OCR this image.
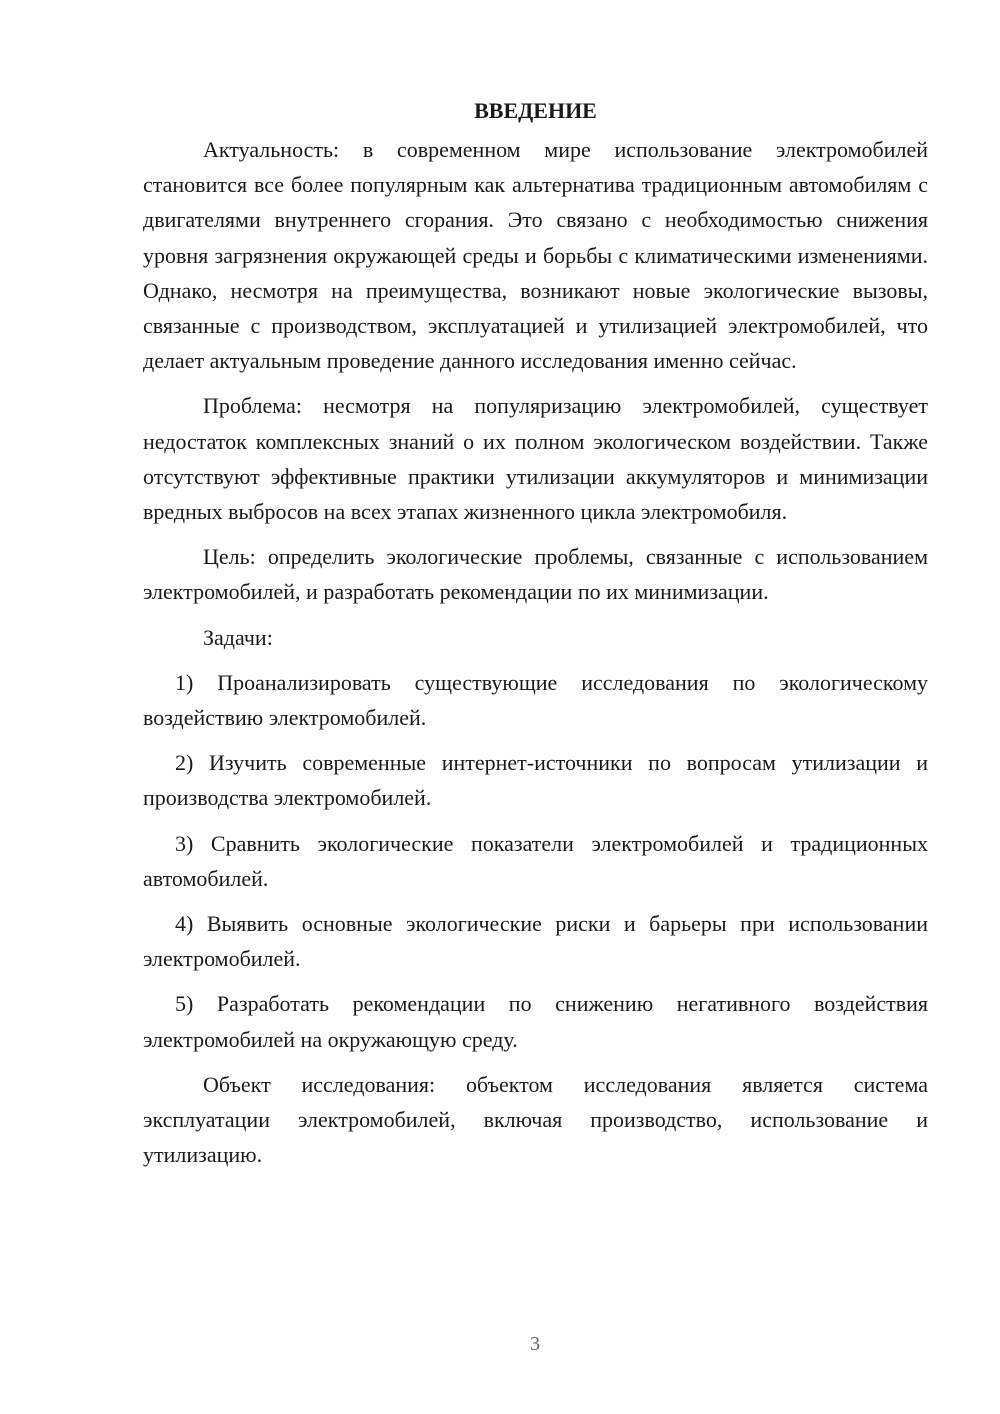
ВВЕДЕНИЕ

Актуальность: в современном мире использование электромобилей становится все более популярным как альтернатива традиционным автомобилям с двигателями внутреннего сгорания. Это связано с необходимостью снижения уровня загрязнения окружающей среды и борьбы с климатическими изменениями. Однако, несмотря на преимущества, возникают новые экологические вызовы, связанные с производством, эксплуатацией и утилизацией электромобилей, что делает актуальным проведение данного исследования именно сейчас.

Проблема: несмотря на популяризацию электромобилей, существует недостаток комплексных знаний о их полном экологическом воздействии. Также отсутствуют эффективные практики утилизации аккумуляторов и минимизации вредных выбросов на всех этапах жизненного цикла электромобиля.

Цель: определить экологические проблемы, связанные с использованием электромобилей, и разработать рекомендации по их минимизации.

Задачи:

1) Проанализировать существующие исследования по экологическому воздействию электромобилей.

2) Изучить современные интернет-источники по вопросам утилизации и производства электромобилей.

3) Сравнить экологические показатели электромобилей и традиционных автомобилей.

4) Выявить основные экологические риски и барьеры при использовании электромобилей.

5) Разработать рекомендации по снижению негативного воздействия электромобилей на окружающую среду.

Объект исследования: объектом исследования является система эксплуатации электромобилей, включая производство, использование и утилизацию.

3
